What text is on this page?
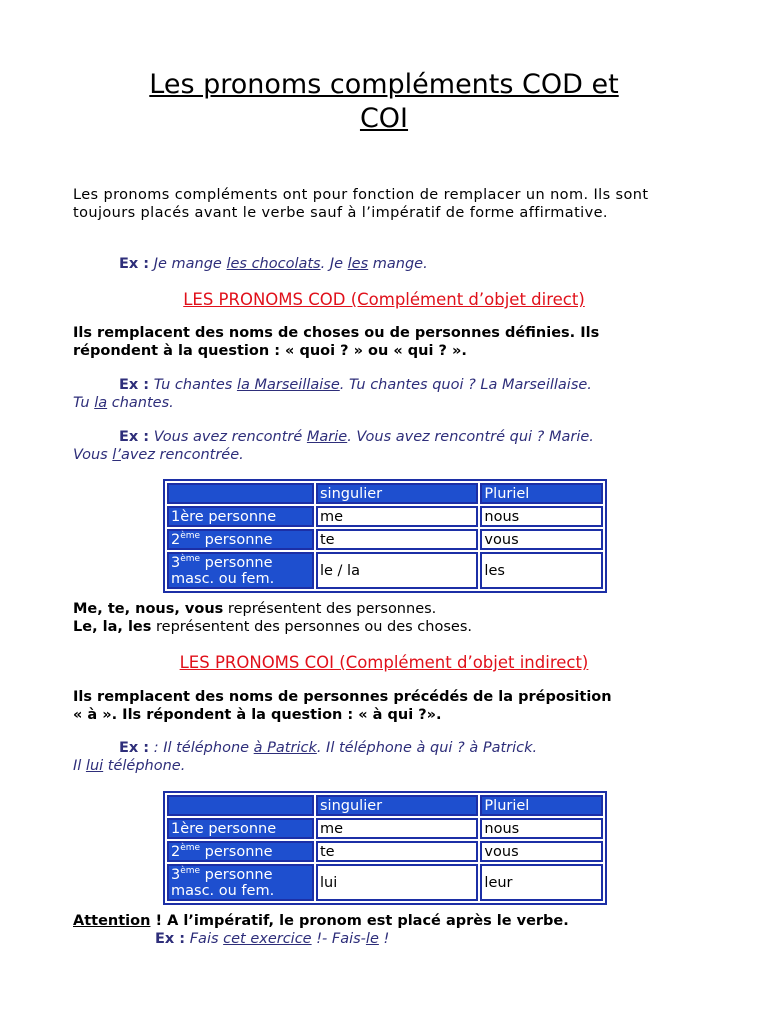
Les pronoms compléments COD et
COI
Les pronoms compléments ont pour fonction de remplacer un nom. Ils sont toujours placés avant le verbe sauf à l’impératif de forme affirmative.
Ex : Je mange les chocolats. Je les mange.
LES PRONOMS COD (Complément d’objet direct)
Ils remplacent des noms de choses ou de personnes définies. Ils
répondent à la question : « quoi ? » ou « qui ? ».
Ex : Tu chantes la Marseillaise. Tu chantes quoi ? La Marseillaise.
Tu la chantes.
Ex : Vous avez rencontré Marie. Vous avez rencontré qui ? Marie.
Vous l’avez rencontrée.
	singulier	Pluriel
1ère personne	me	nous
2ème personne	te	vous
3ème personne
masc. ou fem.	le / la	les
Me, te, nous, vous représentent des personnes.
Le, la, les représentent des personnes ou des choses.
LES PRONOMS COI (Complément d’objet indirect)
Ils remplacent des noms de personnes précédés de la préposition
« à ». Ils répondent à la question : « à qui ?».
Ex : : Il téléphone à Patrick. Il téléphone à qui ? à Patrick.
Il lui téléphone.
	singulier	Pluriel
1ère personne	me	nous
2ème personne	te	vous
3ème personne
masc. ou fem.	lui	leur
Attention ! A l’impératif, le pronom est placé après le verbe.
Ex : Fais cet exercice !- Fais-le !
